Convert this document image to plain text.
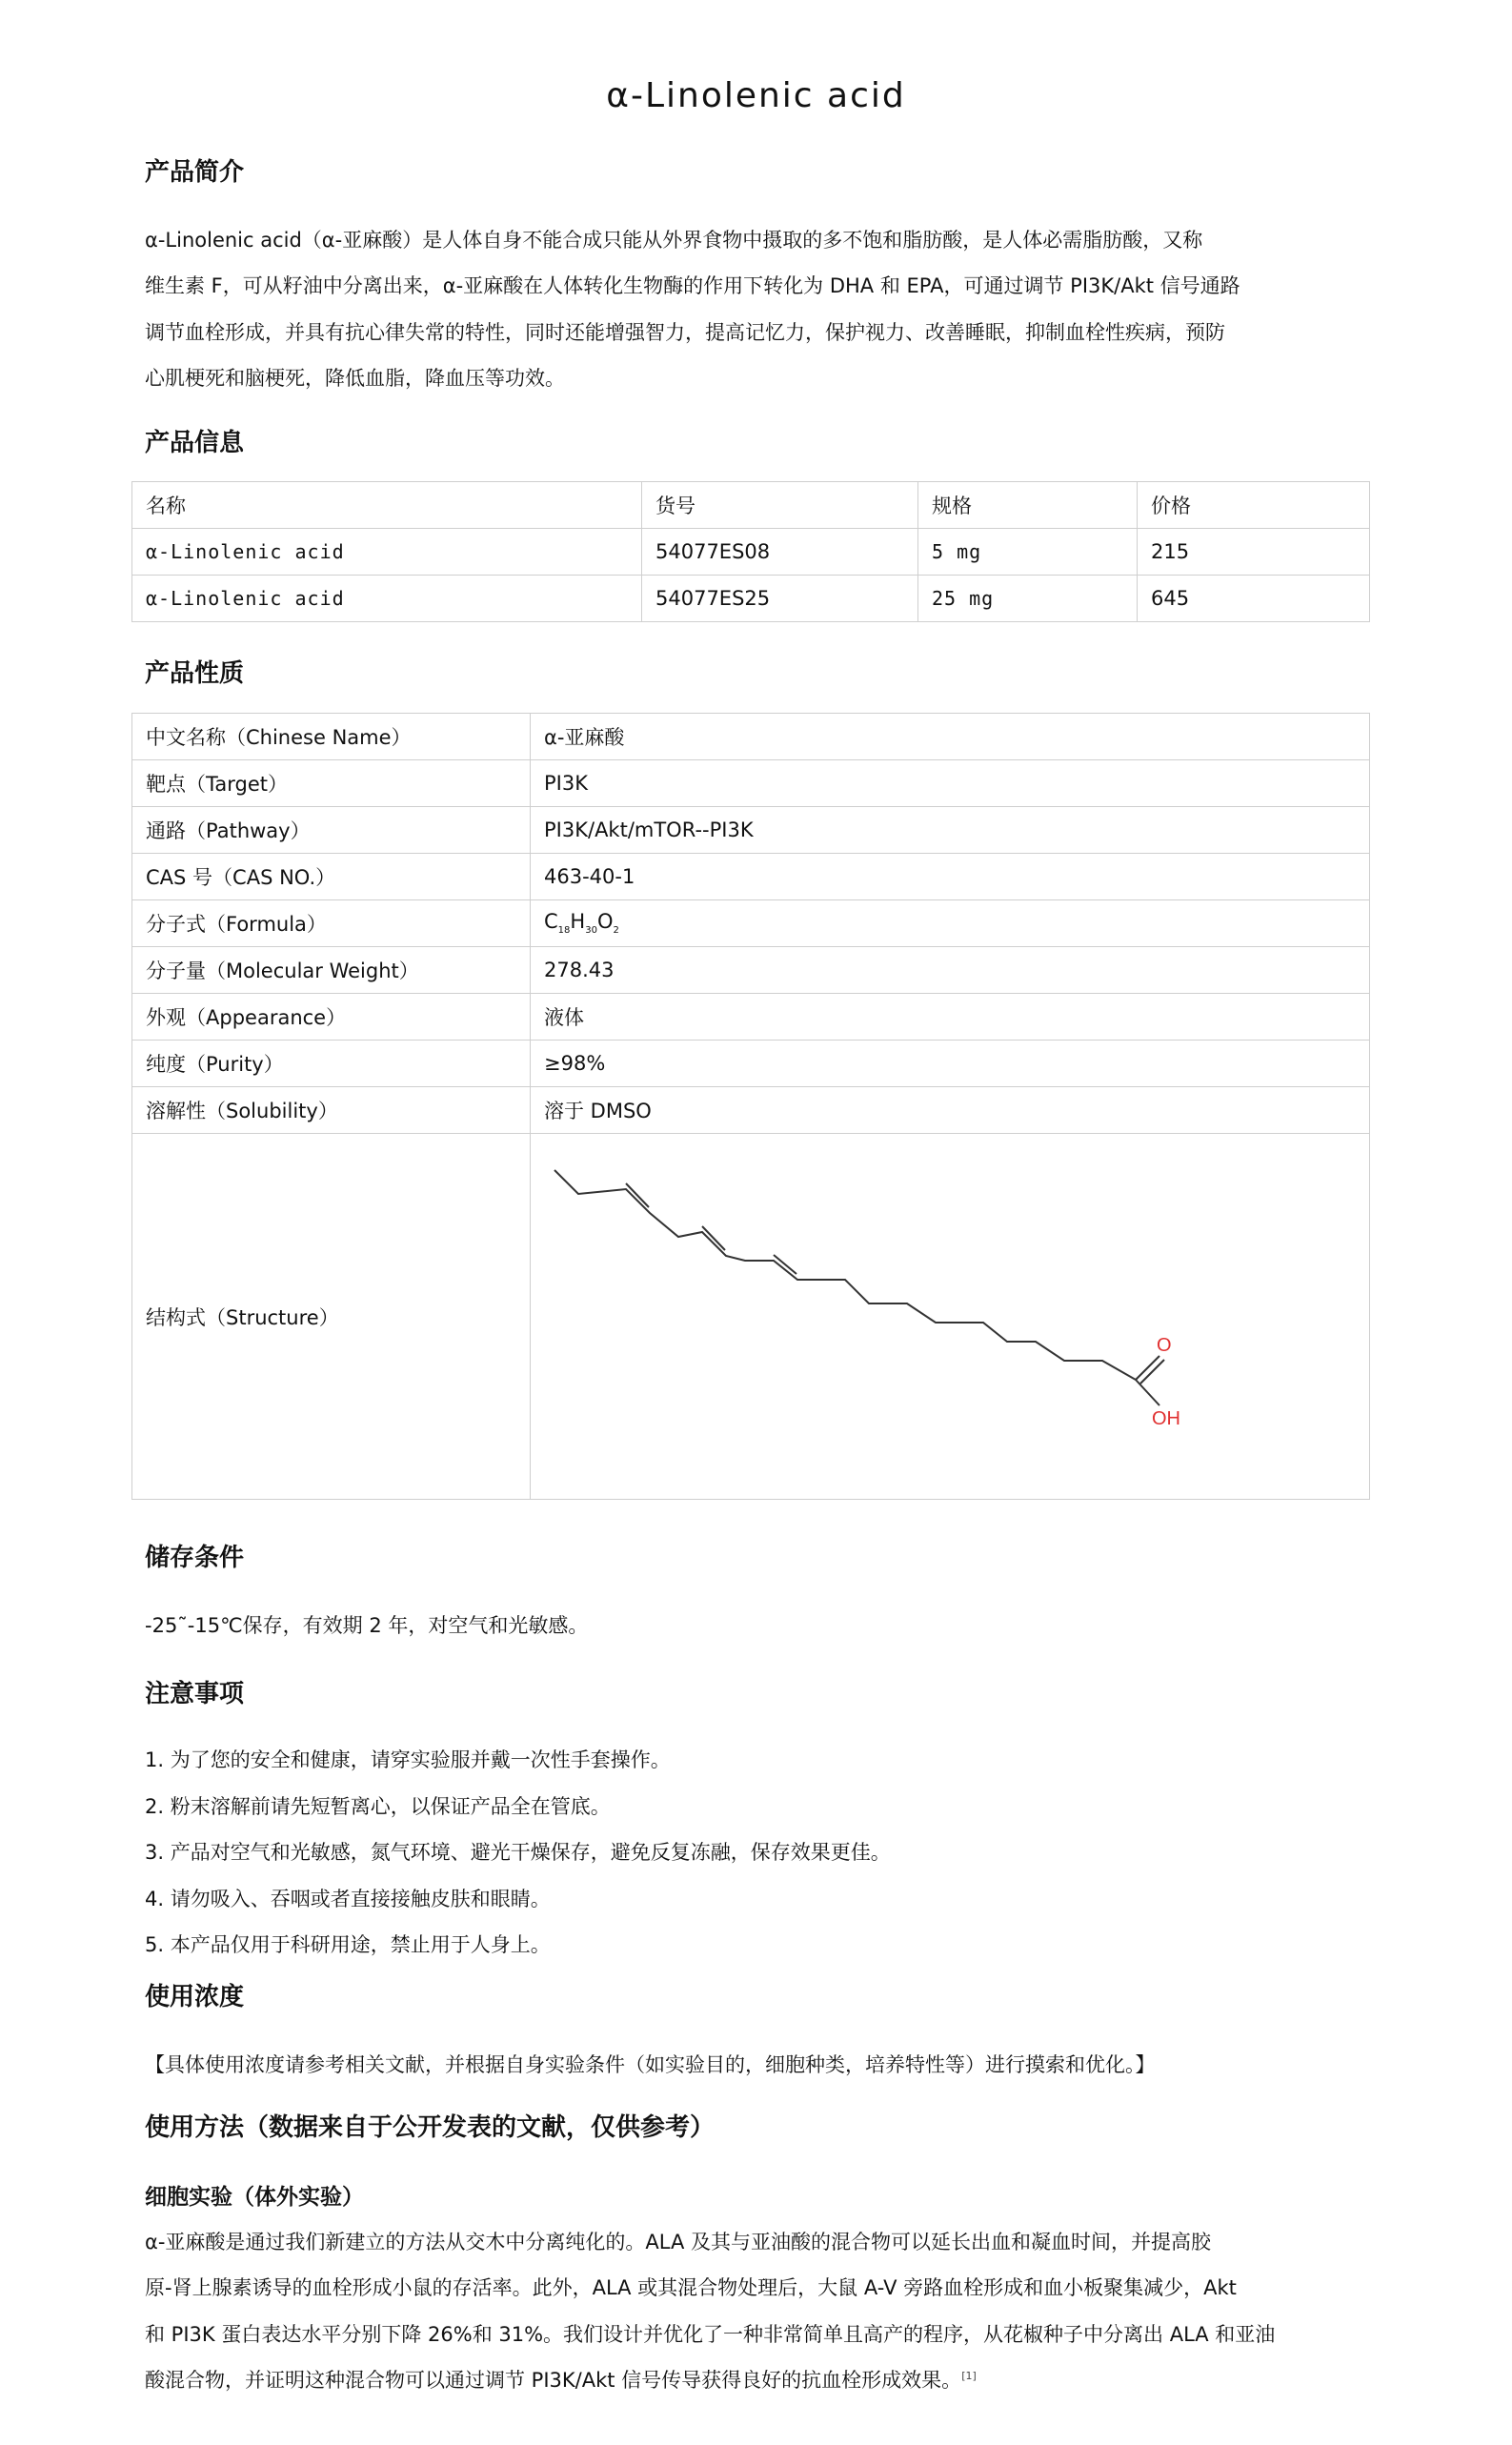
α-Linolenic acid
产品简介
α-Linolenic acid（α-亚麻酸）是人体自身不能合成只能从外界食物中摄取的多不饱和脂肪酸，是人体必需脂肪酸，又称
维生素 F，可从籽油中分离出来，α-亚麻酸在人体转化生物酶的作用下转化为 DHA 和 EPA，可通过调节 PI3K/Akt 信号通路
调节血栓形成，并具有抗心律失常的特性，同时还能增强智力，提高记忆力，保护视力、改善睡眠，抑制血栓性疾病，预防
心肌梗死和脑梗死，降低血脂，降血压等功效。
产品信息
名称	货号	规格	价格
α-Linolenic acid	54077ES08	5 mg	215
α-Linolenic acid	54077ES25	25 mg	645
产品性质
中文名称（Chinese Name）	α-亚麻酸
靶点（Target）	PI3K
通路（Pathway）	PI3K/Akt/mTOR--PI3K
CAS 号（CAS NO.）	463-40-1
分子式（Formula）	$C_{18}H_{30}O_2$
分子量（Molecular Weight）	278.43
外观（Appearance）	液体
纯度（Purity）	≥98%
溶解性（Solubility）	溶于 DMSO
结构式（Structure）	O
OH
储存条件
-25˜-15℃保存，有效期 2 年，对空气和光敏感。
注意事项
1. 为了您的安全和健康，请穿实验服并戴一次性手套操作。
2. 粉末溶解前请先短暂离心，以保证产品全在管底。
3. 产品对空气和光敏感，氮气环境、避光干燥保存，避免反复冻融，保存效果更佳。
4. 请勿吸入、吞咽或者直接接触皮肤和眼睛。
5. 本产品仅用于科研用途，禁止用于人身上。
使用浓度
【具体使用浓度请参考相关文献，并根据自身实验条件（如实验目的，细胞种类，培养特性等）进行摸索和优化。】
使用方法（数据来自于公开发表的文献，仅供参考）
细胞实验（体外实验）
α-亚麻酸是通过我们新建立的方法从交木中分离纯化的。ALA 及其与亚油酸的混合物可以延长出血和凝血时间，并提高胶
原-肾上腺素诱导的血栓形成小鼠的存活率。此外，ALA 或其混合物处理后，大鼠 A-V 旁路血栓形成和血小板聚集减少，Akt
和 PI3K 蛋白表达水平分别下降 26%和 31%。我们设计并优化了一种非常简单且高产的程序，从花椒种子中分离出 ALA 和亚油
酸混合物，并证明这种混合物可以通过调节 PI3K/Akt 信号传导获得良好的抗血栓形成效果。[1]
